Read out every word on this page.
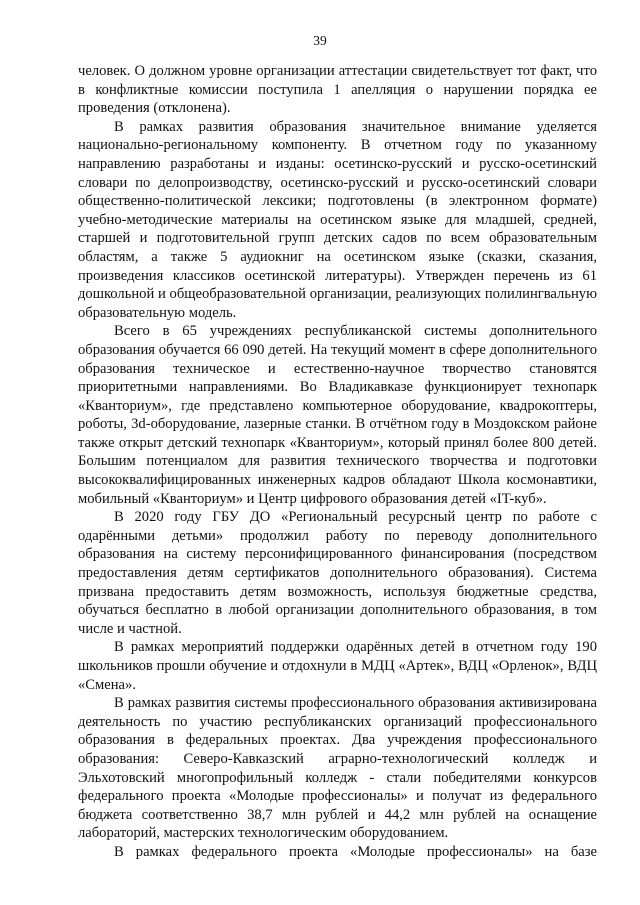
39

человек. О должном уровне организации аттестации свидетельствует тот факт, что в конфликтные комиссии поступила 1 апелляция о нарушении порядка ее проведения (отклонена).

В рамках развития образования значительное внимание уделяется национально-региональному компоненту. В отчетном году по указанному направлению разработаны и изданы: осетинско-русский и русско-осетинский словари по делопроизводству, осетинско-русский и русско-осетинский словари общественно-политической лексики; подготовлены (в электронном формате) учебно-методические материалы на осетинском языке для младшей, средней, старшей и подготовительной групп детских садов по всем образовательным областям, а также 5 аудиокниг на осетинском языке (сказки, сказания, произведения классиков осетинской литературы). Утвержден перечень из 61 дошкольной и общеобразовательной организации, реализующих полилингвальную образовательную модель.

Всего в 65 учреждениях республиканской системы дополнительного образования обучается 66 090 детей. На текущий момент в сфере дополнительного образования техническое и естественно-научное творчество становятся приоритетными направлениями. Во Владикавказе функционирует технопарк «Кванториум», где представлено компьютерное оборудование, квадрокоптеры, роботы, 3d-оборудование, лазерные станки. В отчётном году в Моздокском районе также открыт детский технопарк «Кванториум», который принял более 800 детей. Большим потенциалом для развития технического творчества и подготовки высококвалифицированных инженерных кадров обладают Школа космонавтики, мобильный «Кванториум» и Центр цифрового образования детей «IT-куб».

В 2020 году ГБУ ДО «Региональный ресурсный центр по работе с одарёнными детьми» продолжил работу по переводу дополнительного образования на систему персонифицированного финансирования (посредством предоставления детям сертификатов дополнительного образования). Система призвана предоставить детям возможность, используя бюджетные средства, обучаться бесплатно в любой организации дополнительного образования, в том числе и частной.

В рамках мероприятий поддержки одарённых детей в отчетном году 190 школьников прошли обучение и отдохнули в МДЦ «Артек», ВДЦ «Орленок», ВДЦ «Смена».

В рамках развития системы профессионального образования активизирована деятельность по участию республиканских организаций профессионального образования в федеральных проектах. Два учреждения профессионального образования: Северо-Кавказский аграрно-технологический колледж и Эльхотовский многопрофильный колледж - стали победителями конкурсов федерального проекта «Молодые профессионалы» и получат из федерального бюджета соответственно 38,7 млн рублей и 44,2 млн рублей на оснащение лабораторий, мастерских технологическим оборудованием.

В рамках федерального проекта «Молодые профессионалы» на базе
